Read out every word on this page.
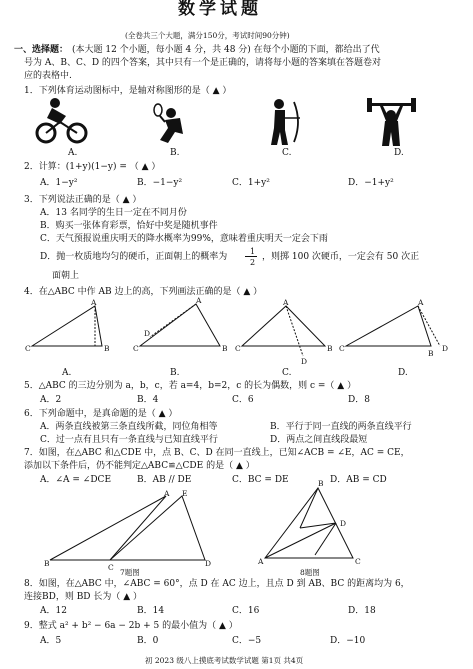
数学试题
(全卷共三个大题，满分150分，考试时间90分钟)
一、选择题： (本大题 12 个小题，每小题 4 分，共 48 分) 在每个小题的下面，都给出了代
号为 A、B、C、D 的四个答案，其中只有一个是正确的，请将每小题的答案填在答题卷对
应的表格中.
1．下列体育运动图标中，是轴对称图形的是（ ▲ ）
A.	B.	C.	D.
2．计算：(1+y)(1−y) = （ ▲ ）
A．1−y²	B．−1−y²	C．1+y²	D．−1+y²
3．下列说法正确的是（ ▲ ）
A．13 名同学的生日一定在不同月份
B．购买一张体育彩票，恰好中奖是随机事件
C．天气预报说重庆明天的降水概率为99%，意味着重庆明天一定会下雨
D．抛一枚质地均匀的硬币，正面朝上的概率为
1
2
，则掷 100 次硬币，一定会有 50 次正
面朝上
4．在△ABC 中作 AB 边上的高，下列画法正确的是（ ▲ ）
C
A
B	C
D
A
B C
A
D
B C
A
B
D
A.	B.	C.	D.
5．△ABC 的三边分别为 a，b，c，若 a=4，b=2，c 的长为偶数，则 c =（ ▲ ）
A．2	B．4	C．6	D．8
6．下列命题中，是真命题的是（ ▲ ）
A．两条直线被第三条直线所截，同位角相等	B．平行于同一直线的两条直线平行
C．过一点有且只有一条直线与已知直线平行	D．两点之间直线段最短
7．如图，在△ABC 和△CDE 中，点 B、C、D 在同一直线上，已知∠ACB = ∠E，AC = CE，
添加以下条件后，仍不能判定△ABC≌△CDE 的是（ ▲ ）
A．∠A = ∠DCE	B．AB // DE	C．BC = DE	D．AB = CD
A E
B	C	D
B
A
D
C
7题图	8题图
8．如图，在△ABC 中，∠ABC = 60°，点 D 在 AC 边上，且点 D 到 AB、BC 的距离均为 6，
连接BD，则 BD 长为（ ▲ ）
A．12	B．14	C．16	D．18
9．整式 a² + b² − 6a − 2b + 5 的最小值为（ ▲ ）
A．5	B．0	C．−5	D．−10
初 2023 级八上摸底考试数学试题 第1页 共4页
